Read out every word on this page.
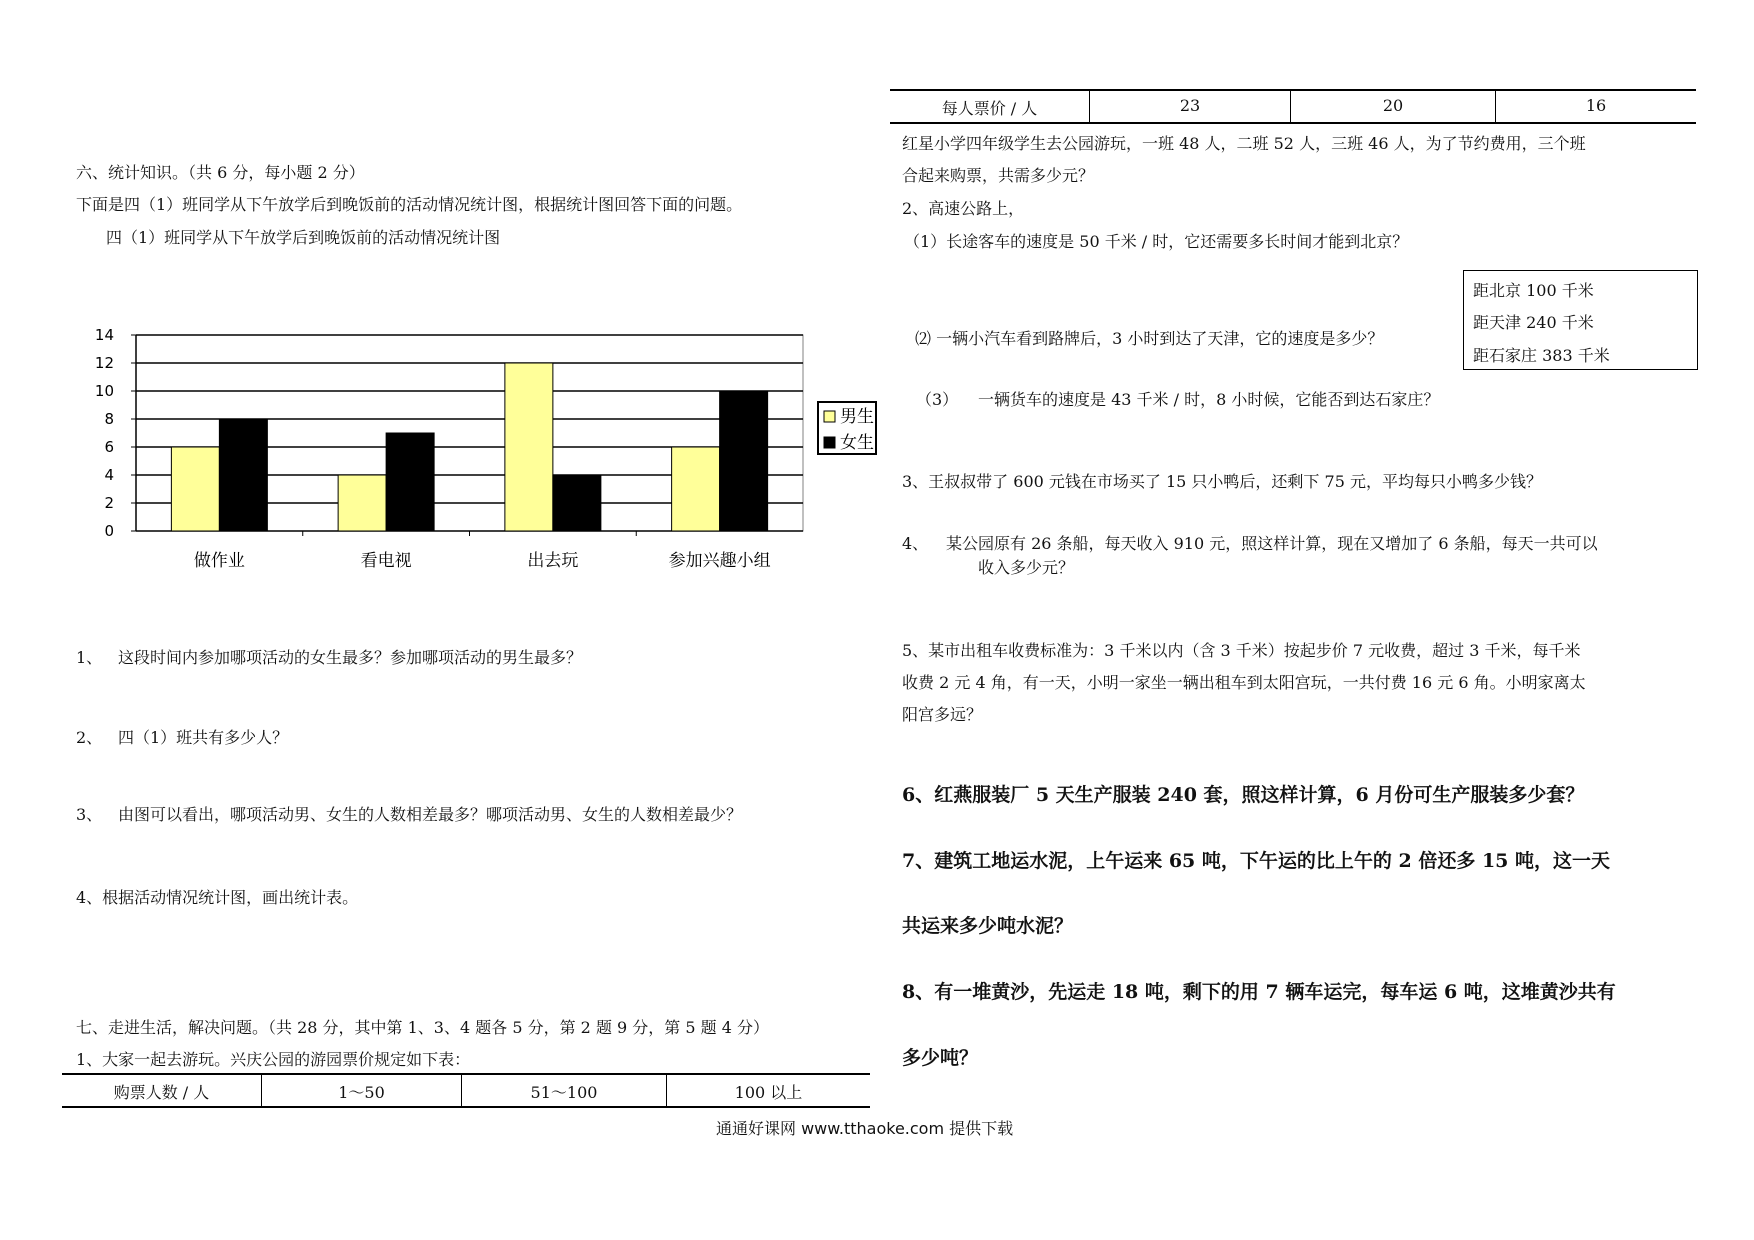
六、统计知识。（共 6 分，每小题 2 分）
下面是四（1）班同学从下午放学后到晚饭前的活动情况统计图，根据统计图回答下面的问题。
四（1）班同学从下午放学后到晚饭前的活动情况统计图
0
2
4
6
8
10
12
14
做作业	看电视	出去玩	参加兴趣小组
男生
女生
1、 这段时间内参加哪项活动的女生最多？参加哪项活动的男生最多？
2、 四（1）班共有多少人？
3、 由图可以看出，哪项活动男、女生的人数相差最多？哪项活动男、女生的人数相差最少？
4、根据活动情况统计图，画出统计表。
七、走进生活，解决问题。（共 28 分，其中第 1、3、4 题各 5 分，第 2 题 9 分，第 5 题 4 分）
1、大家一起去游玩。兴庆公园的游园票价规定如下表：
购票人数 / 人	1～50	51～100	100 以上
每人票价 / 人	23	20	16
红星小学四年级学生去公园游玩，一班 48 人，二班 52 人，三班 46 人，为了节约费用，三个班
合起来购票，共需多少元？
2、高速公路上，
（1）长途客车的速度是 50 千米 / 时，它还需要多长时间才能到北京？
距北京 100 千米
距天津 240 千米
距石家庄 383 千米
⑵ 一辆小汽车看到路牌后，3 小时到达了天津，它的速度是多少？
（3） 一辆货车的速度是 43 千米 / 时，8 小时候，它能否到达石家庄？
3、王叔叔带了 600 元钱在市场买了 15 只小鸭后，还剩下 75 元，平均每只小鸭多少钱？
4、 某公园原有 26 条船，每天收入 910 元，照这样计算，现在又增加了 6 条船，每天一共可以
收入多少元？
5、某市出租车收费标准为：3 千米以内（含 3 千米）按起步价 7 元收费，超过 3 千米，每千米
收费 2 元 4 角，有一天，小明一家坐一辆出租车到太阳宫玩，一共付费 16 元 6 角。小明家离太
阳宫多远？
6、红燕服装厂 5 天生产服装 240 套，照这样计算，6 月份可生产服装多少套？
7、建筑工地运水泥，上午运来 65 吨，下午运的比上午的 2 倍还多 15 吨，这一天
共运来多少吨水泥？
8、有一堆黄沙，先运走 18 吨，剩下的用 7 辆车运完，每车运 6 吨，这堆黄沙共有
多少吨？
通通好课网 www.tthaoke.com 提供下载
